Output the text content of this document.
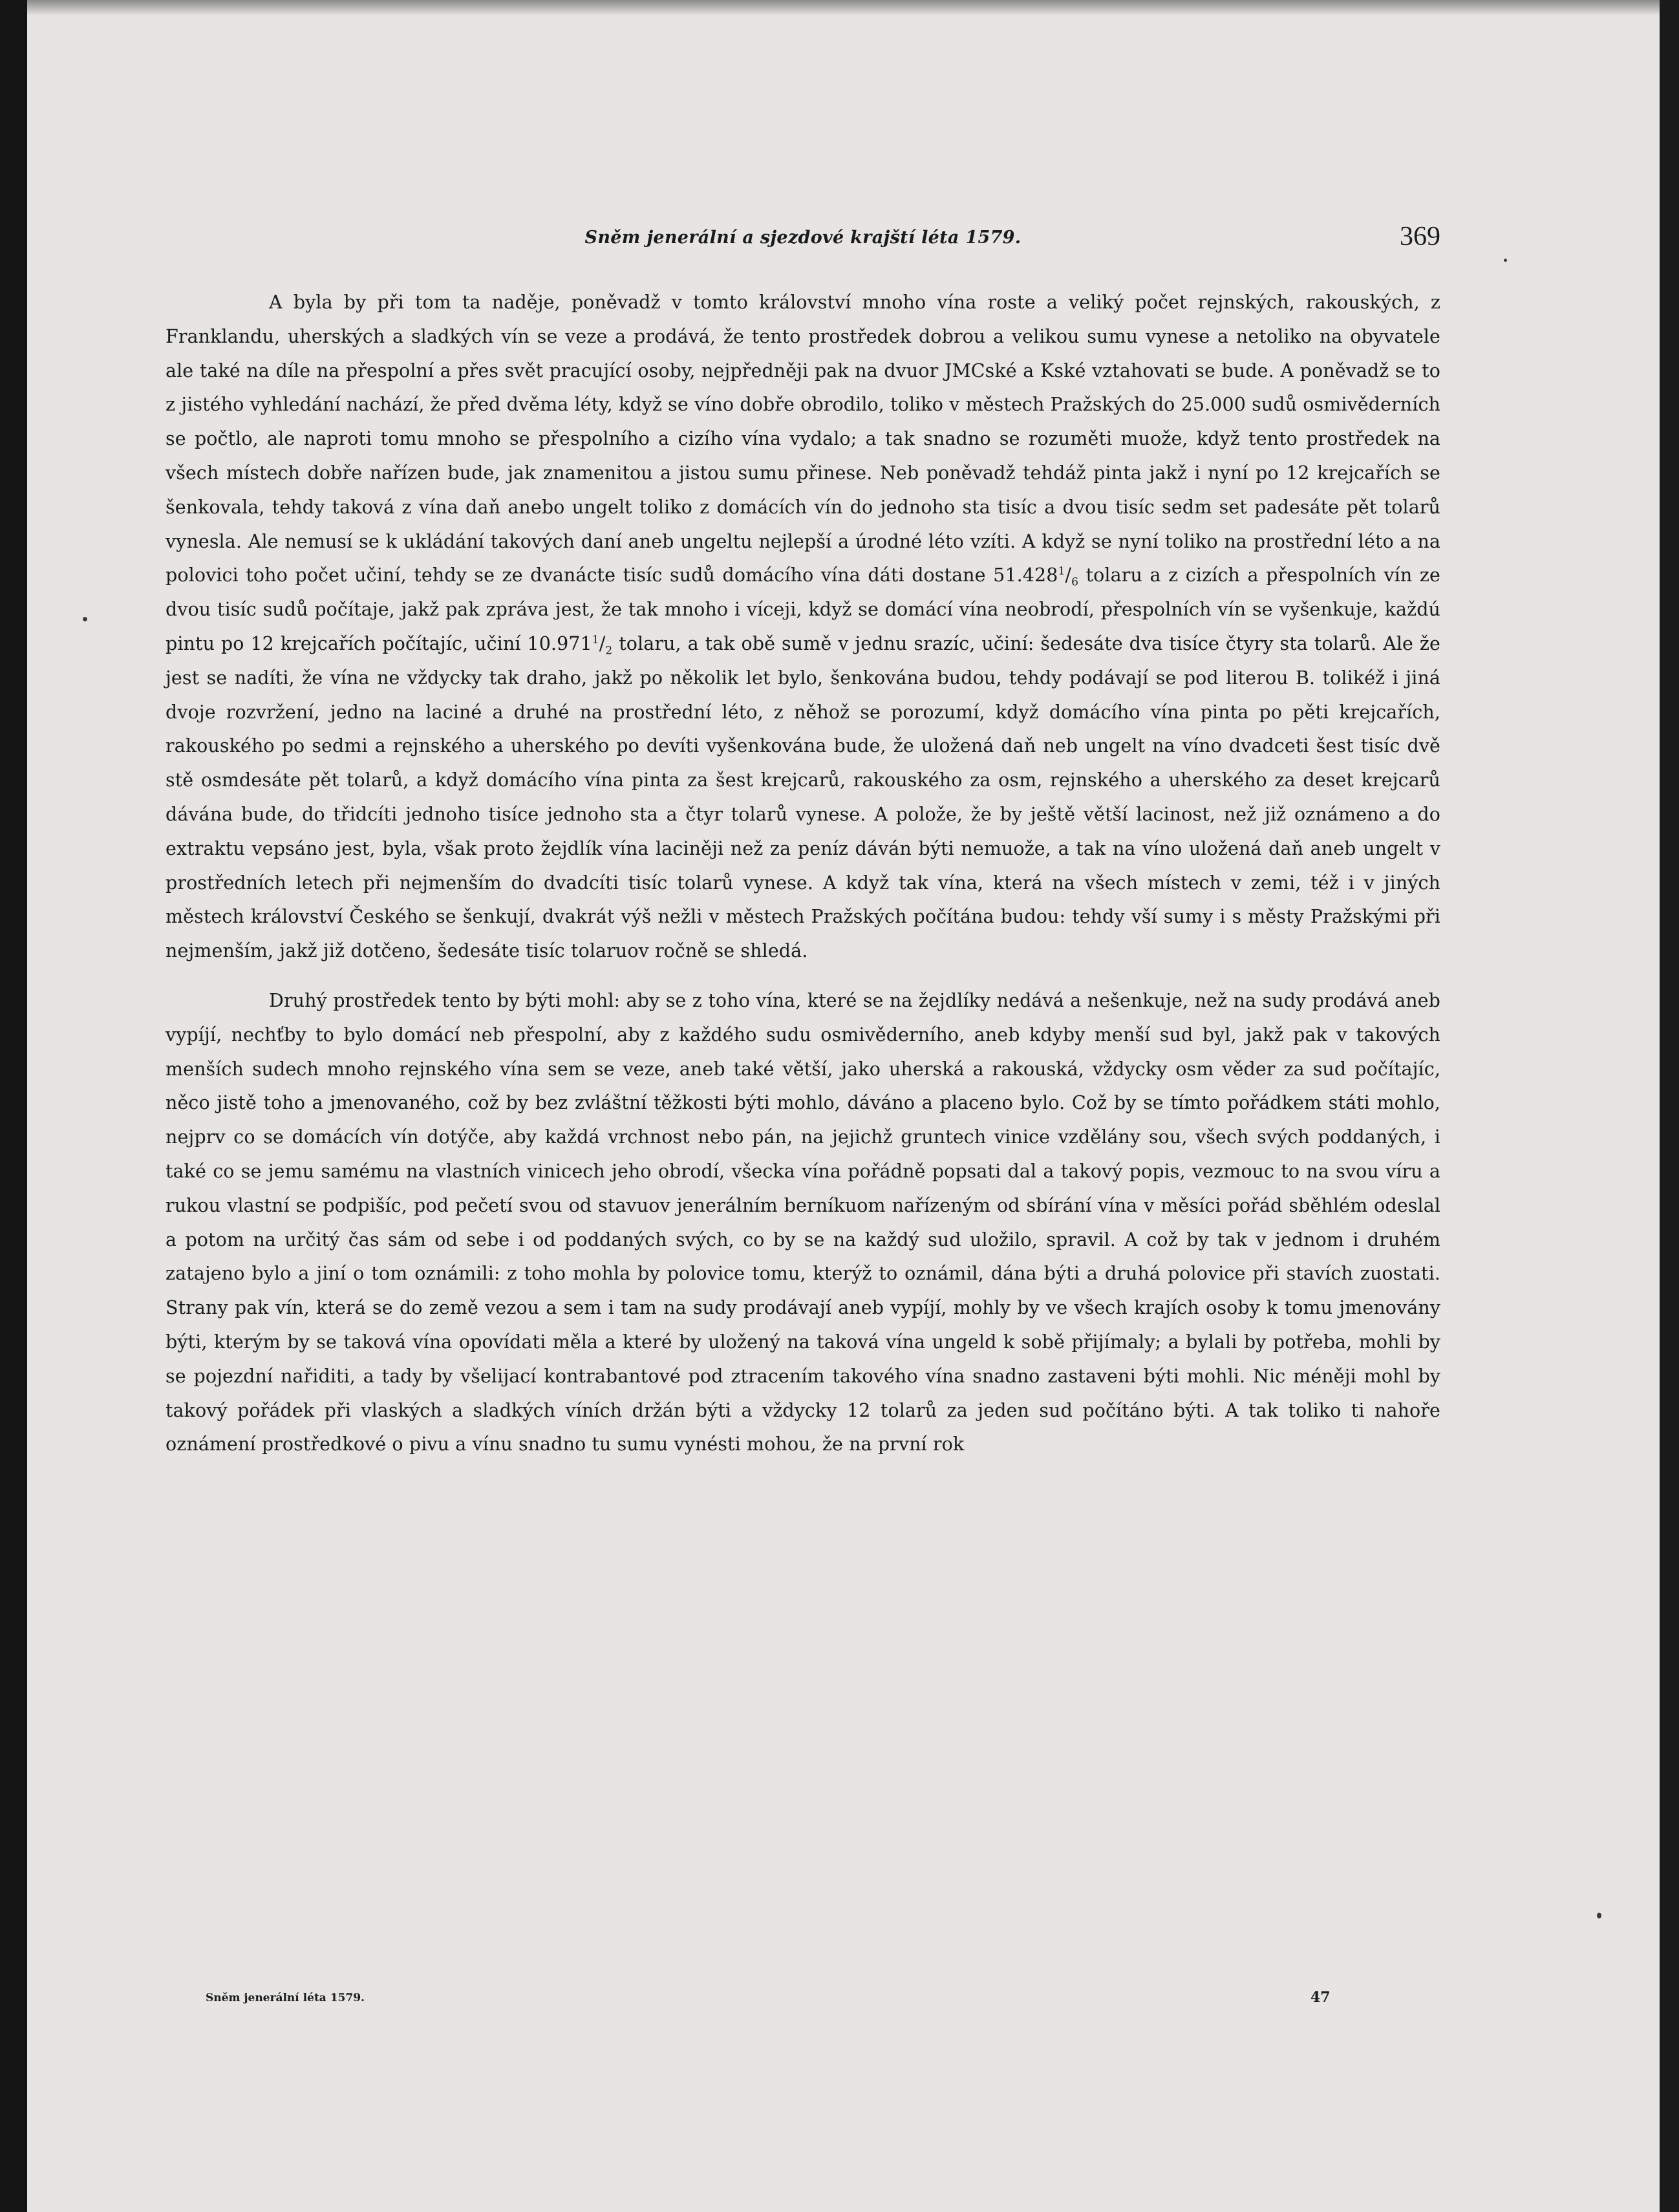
Sněm jenerální a sjezdové krajští léta 1579.	369

A byla by při tom ta naděje, poněvadž v tomto království mnoho vína roste a veliký počet rejnských, rakouských, z Franklandu, uherských a sladkých vín se veze a prodává, že tento prostředek dobrou a velikou sumu vynese a netoliko na obyvatele ale také na díle na přespolní a přes svět pracující osoby, nejpředněji pak na dvuor JMCské a Kské vztahovati se bude. A poněvadž se to z jistého vyhledání nachází, že před dvěma léty, když se víno dobře obrodilo, toliko v městech Pražských do 25.000 sudů osmivěderních se počtlo, ale naproti tomu mnoho se přespolního a cizího vína vydalo; a tak snadno se rozuměti muože, když tento prostředek na všech místech dobře nařízen bude, jak znamenitou a jistou sumu přinese. Neb poněvadž tehdáž pinta jakž i nyní po 12 krejcařích se šenkovala, tehdy taková z vína daň anebo ungelt toliko z domácích vín do jednoho sta tisíc a dvou tisíc sedm set padesáte pět tolarů vynesla. Ale nemusí se k ukládání takových daní aneb ungeltu nejlepší a úrodné léto vzíti. A když se nyní toliko na prostřední léto a na polovici toho počet učiní, tehdy se ze dvanácte tisíc sudů domácího vína dáti dostane $51.428^1/_6$ tolaru a z cizích a přespolních vín ze dvou tisíc sudů počítaje, jakž pak zpráva jest, že tak mnoho i víceji, když se domácí vína neobrodí, přespolních vín se vyšenkuje, každú pintu po 12 krejcařích počítajíc, učiní $10.971^1/_2$ tolaru, a tak obě sumě v jednu srazíc, učiní: šedesáte dva tisíce čtyry sta tolarů. Ale že jest se nadíti, že vína ne vždycky tak draho, jakž po několik let bylo, šenkována budou, tehdy podávají se pod literou B. tolikéž i jiná dvoje rozvržení, jedno na laciné a druhé na prostřední léto, z něhož se porozumí, když domácího vína pinta po pěti krejcařích, rakouského po sedmi a rejnského a uherského po devíti vyšenkována bude, že uložená daň neb ungelt na víno dvadceti šest tisíc dvě stě osmdesáte pět tolarů, a když domácího vína pinta za šest krejcarů, rakouského za osm, rejnského a uherského za deset krejcarů dávána bude, do třidcíti jednoho tisíce jednoho sta a čtyr tolarů vynese. A polože, že by ještě větší lacinost, než již oznámeno a do extraktu vepsáno jest, byla, však proto žejdlík vína laciněji než za peníz dáván býti nemuože, a tak na víno uložená daň aneb ungelt v prostředních letech při nejmenším do dvadcíti tisíc tolarů vynese. A když tak vína, která na všech místech v zemi, též i v jiných městech království Českého se šenkují, dvakrát výš nežli v městech Pražských počítána budou: tehdy vší sumy i s městy Pražskými při nejmenším, jakž již dotčeno, šedesáte tisíc tolaruov ročně se shledá.

Druhý prostředek tento by býti mohl: aby se z toho vína, které se na žejdlíky nedává a nešenkuje, než na sudy prodává aneb vypíjí, nechťby to bylo domácí neb přespolní, aby z každého sudu osmivěderního, aneb kdyby menší sud byl, jakž pak v takových menších sudech mnoho rejnského vína sem se veze, aneb také větší, jako uherská a rakouská, vždycky osm věder za sud počítajíc, něco jistě toho a jmenovaného, což by bez zvláštní těžkosti býti mohlo, dáváno a placeno bylo. Což by se tímto pořádkem státi mohlo, nejprv co se domácích vín dotýče, aby každá vrchnost nebo pán, na jejichž gruntech vinice vzdělány sou, všech svých poddaných, i také co se jemu samému na vlastních vinicech jeho obrodí, všecka vína pořádně popsati dal a takový popis, vezmouc to na svou víru a rukou vlastní se podpišíc, pod pečetí svou od stavuov jenerálním berníkuom nařízeným od sbírání vína v měsíci pořád sběhlém odeslal a potom na určitý čas sám od sebe i od poddaných svých, co by se na každý sud uložilo, spravil. A což by tak v jednom i druhém zatajeno bylo a jiní o tom oznámili: z toho mohla by polovice tomu, kterýž to oznámil, dána býti a druhá polovice při stavích zuostati. Strany pak vín, která se do země vezou a sem i tam na sudy prodávají aneb vypíjí, mohly by ve všech krajích osoby k tomu jmenovány býti, kterým by se taková vína opovídati měla a které by uložený na taková vína ungeld k sobě přijímaly; a bylali by potřeba, mohli by se pojezdní nařiditi, a tady by všelijací kontrabantové pod ztracením takového vína snadno zastaveni býti mohli. Nic méněji mohl by takový pořádek při vlaských a sladkých víních držán býti a vždycky 12 tolarů za jeden sud počítáno býti. A tak toliko ti nahoře oznámení prostředkové o pivu a vínu snadno tu sumu vynésti mohou, že na první rok

Sněm jenerální léta 1579.	47
